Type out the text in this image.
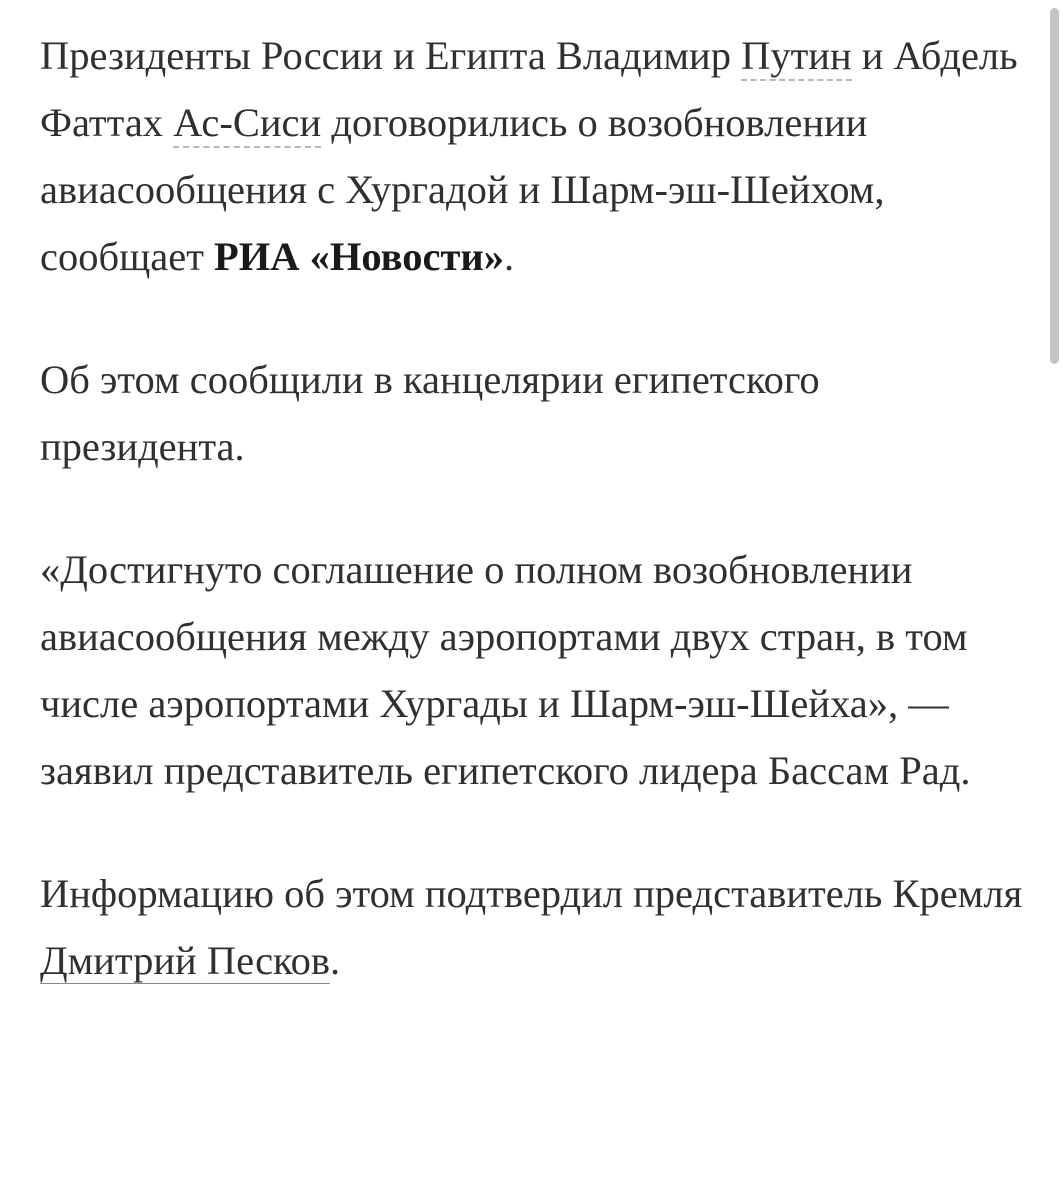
Президенты России и Египта Владимир Путин и Абдель Фаттах Ас-Сиси договорились о возобновлении авиасообщения с Хургадой и Шарм-эш-Шейхом, сообщает РИА «Новости».

Об этом сообщили в канцелярии египетского президента.

«Достигнуто соглашение о полном возобновлении авиасообщения между аэропортами двух стран, в том числе аэропортами Хургады и Шарм-эш-Шейха», — заявил представитель египетского лидера Бассам Рад.

Информацию об этом подтвердил представитель Кремля Дмитрий Песков.
